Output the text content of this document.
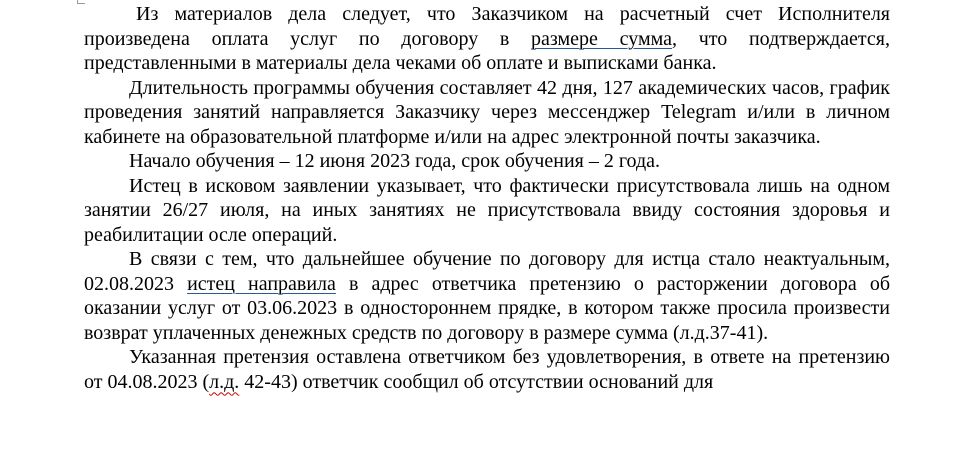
Из материалов дела следует, что Заказчиком на расчетный счет Исполнителя произведена оплата услуг по договору в размере сумма, что подтверждается, представленными в материалы дела чеками об оплате и выписками банка.

Длительность программы обучения составляет 42 дня, 127 академических часов, график проведения занятий направляется Заказчику через мессенджер Telegram и/или в личном кабинете на образовательной платформе и/или на адрес электронной почты заказчика.

Начало обучения – 12 июня 2023 года, срок обучения – 2 года.

Истец в исковом заявлении указывает, что фактически присутствовала лишь на одном занятии 26/27 июля, на иных занятиях не присутствовала ввиду состояния здоровья и реабилитации осле операций.

В связи с тем, что дальнейшее обучение по договору для истца стало неактуальным, 02.08.2023 истец направила в адрес ответчика претензию о расторжении договора об оказании услуг от 03.06.2023 в одностороннем прядке, в котором также просила произвести возврат уплаченных денежных средств по договору в размере сумма (л.д.37-41).

Указанная претензия оставлена ответчиком без удовлетворения, в ответе на претензию от 04.08.2023 (л.д. 42-43) ответчик сообщил об отсутствии оснований для
